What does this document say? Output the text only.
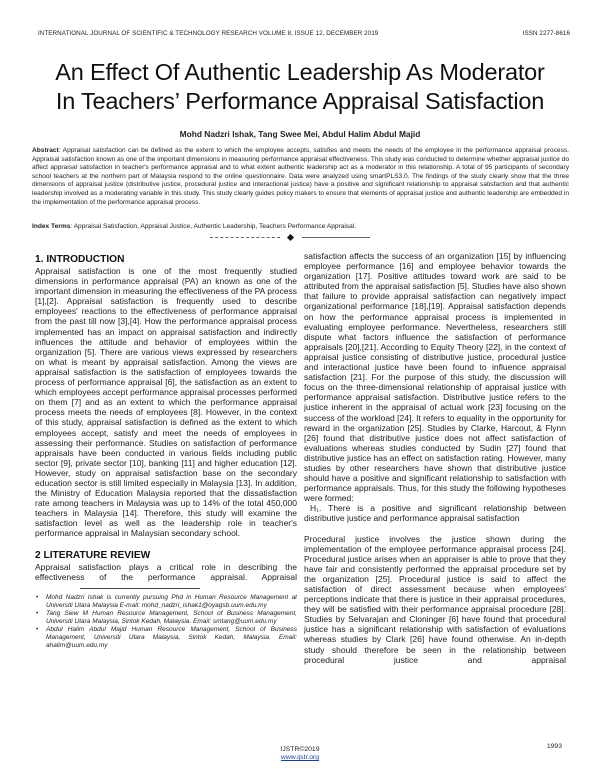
INTERNATIONAL JOURNAL OF SCIENTIFIC & TECHNOLOGY RESEARCH VOLUME 8, ISSUE 12, DECEMBER 2019	ISSN 2277-8616
An Effect Of Authentic Leadership As Moderator
In Teachers’ Performance Appraisal Satisfaction
Mohd Nadzri Ishak, Tang Swee Mei, Abdul Halim Abdul Majid
Abstract: Appraisal satisfaction can be defined as the extent to which the employee accepts, satisfies and meets the needs of the employee in the performance appraisal process. Appraisal satisfaction known as one of the important dimensions in measuring performance appraisal effectiveness. This study was conducted to determine whether appraisal justice do affect appraisal satisfaction in teacher's performance appraisal and to what extent authentic leadership act as a moderator in this relationship. A total of 95 participants of secondary school teachers at the northern part of Malaysia respond to the online questionnaire. Data were analyzed using smartPLS3.0. The findings of the study clearly show that the three dimensions of appraisal justice (distributive justice, procedural justice and interactional justice) have a positive and significant relationship to appraisal satisfaction and that authentic leadership involved as a moderating variable in this study. This study clearly guides policy makers to ensure that elements of appraisal justice and authentic leadership are embedded in the implementation of the performance appraisal process.
Index Terms: Appraisal Satisfaction, Appraisal Justice, Authentic Leadership, Teachers Performance Appraisal.
1. INTRODUCTION

Appraisal satisfaction is one of the most frequently studied dimensions in performance appraisal (PA) an known as one of the important dimension in measuring the effectiveness of the PA process [1],[2]. Appraisal satisfaction is frequently used to describe employees' reactions to the effectiveness of performance appraisal from the past till now [3],[4]. How the performance appraisal process implemented has an impact on appraisal satisfaction and indirectly influences the attitude and behavior of employees within the organization [5]. There are various views expressed by researchers on what is meant by appraisal satisfaction. Among the views are appraisal satisfaction is the satisfaction of employees towards the process of performance appraisal [6], the satisfaction as an extent to which employees accept performance appraisal processes performed on them [7] and as an extent to which the performance appraisal process meets the needs of employees [8]. However, in the context of this study, appraisal satisfaction is defined as the extent to which employees accept, satisfy and meet the needs of employees in assessing their performance. Studies on satisfaction of performance appraisals have been conducted in various fields including public sector [9], private sector [10], banking [11] and higher education [12]. However, study on appraisal satisfaction base on the secondary education sector is still limited especially in Malaysia [13]. In addition, the Ministry of Education Malaysia reported that the dissatisfaction rate among teachers in Malaysia was up to 14% of the total 450,000 teachers in Malaysia [14]. Therefore, this study will examine the satisfaction level as well as the leadership role in teacher's performance appraisal in Malaysian secondary school.

2 LITERATURE REVIEW

Appraisal satisfaction plays a critical role in describing the effectiveness of the performance appraisal. Appraisal

• Mohd Nadzri Ishak is currently pursuing Phd in Human Resource Management at Universiti Utara Malaysia E-mail: mohd_nadzri_ishak1@oyagsb.uum.edu.my
• Tang Siew M Human Resource Management, School of Business Management, Universiti Utara Malaysia, Sintok Kedah, Malaysia. Email: smtang@uum.edu.my
• Abdul Halim Abdul Majid Human Resource Management, School of Business Management, Universiti Utara Malaysia, Sintok Kedah, Malaysia. Email: ahalim@uum.edu.my

satisfaction affects the success of an organization [15] by influencing employee performance [16] and employee behavior towards the organization [17]. Positive attitudes toward work are said to be attributed from the appraisal satisfaction [5]. Studies have also shown that failure to provide appraisal satisfaction can negatively impact organizational performance [18],[19]. Appraisal satisfaction depends on how the performance appraisal process is implemented in evaluating employee performance. Nevertheless, researchers still dispute what factors influence the satisfaction of performance appraisals [20],[21]. According to Equity Theory [22], in the context of appraisal justice consisting of distributive justice, procedural justice and interactional justice have been found to influence appraisal satisfaction [21]. For the purpose of this study, the discussion will focus on the three-dimensional relationship of appraisal justice with performance appraisal satisfaction. Distributive justice refers to the justice inherent in the appraisal of actual work [23] focusing on the success of the workload [24]. It refers to equality in the opportunity for reward in the organization [25]. Studies by Clarke, Harcout, & Flynn [26] found that distributive justice does not affect satisfaction of evaluations whereas studies conducted by Sudin [27] found that distributive justice has an effect on satisfaction rating. However, many studies by other researchers have shown that distributive justice should have a positive and significant relationship to satisfaction with performance appraisals. Thus, for this study the following hypotheses were formed:

H₁. There is a positive and significant relationship between distributive justice and performance appraisal satisfaction

Procedural justice involves the justice shown during the implementation of the employee performance appraisal process [24]. Procedural justice arises when an appraiser is able to prove that they have fair and consistently performed the appraisal procedure set by the organization [25]. Procedural justice is said to affect the satisfaction of direct assessment because when employees' perceptions indicate that there is justice in their appraisal procedures, they will be satisfied with their performance appraisal procedure [28]. Studies by Selvarajan and Cloninger [6] have found that procedural justice has a significant relationship with satisfaction of evaluations whereas studies by Clark [26] have found otherwise. An in-depth study should therefore be seen in the relationship between procedural justice and appraisal

1993
IJSTR©2019
www.ijstr.org
